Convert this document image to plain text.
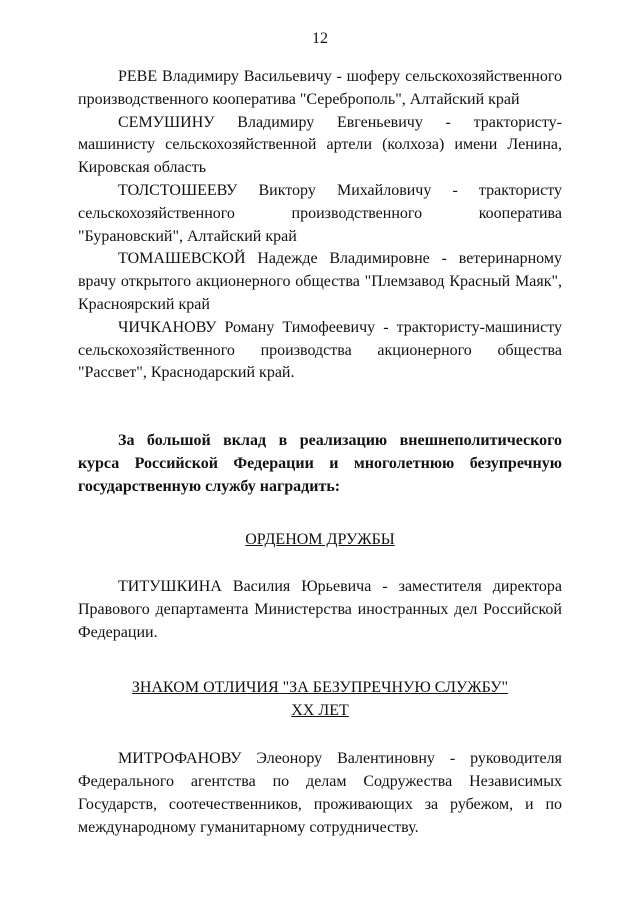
12

РЕВЕ Владимиру Васильевичу - шоферу сельскохозяйственного производственного кооператива "Сереброполь", Алтайский край

СЕМУШИНУ Владимиру Евгеньевичу - трактористу-машинисту сельскохозяйственной артели (колхоза) имени Ленина, Кировская область

ТОЛСТОШЕЕВУ Виктору Михайловичу - трактористу сельскохозяйственного производственного кооператива "Бурановский", Алтайский край

ТОМАШЕВСКОЙ Надежде Владимировне - ветеринарному врачу открытого акционерного общества "Племзавод Красный Маяк", Красноярский край

ЧИЧКАНОВУ Роману Тимофеевичу - трактористу-машинисту сельскохозяйственного производства акционерного общества "Рассвет", Краснодарский край.

За большой вклад в реализацию внешнеполитического курса Российской Федерации и многолетнюю безупречную государственную службу наградить:

ОРДЕНОМ ДРУЖБЫ

ТИТУШКИНА Василия Юрьевича - заместителя директора Правового департамента Министерства иностранных дел Российской Федерации.

ЗНАКОМ ОТЛИЧИЯ "ЗА БЕЗУПРЕЧНУЮ СЛУЖБУ"

XX ЛЕТ

МИТРОФАНОВУ Элеонору Валентиновну - руководителя Федерального агентства по делам Содружества Независимых Государств, соотечественников, проживающих за рубежом, и по международному гуманитарному сотрудничеству.
